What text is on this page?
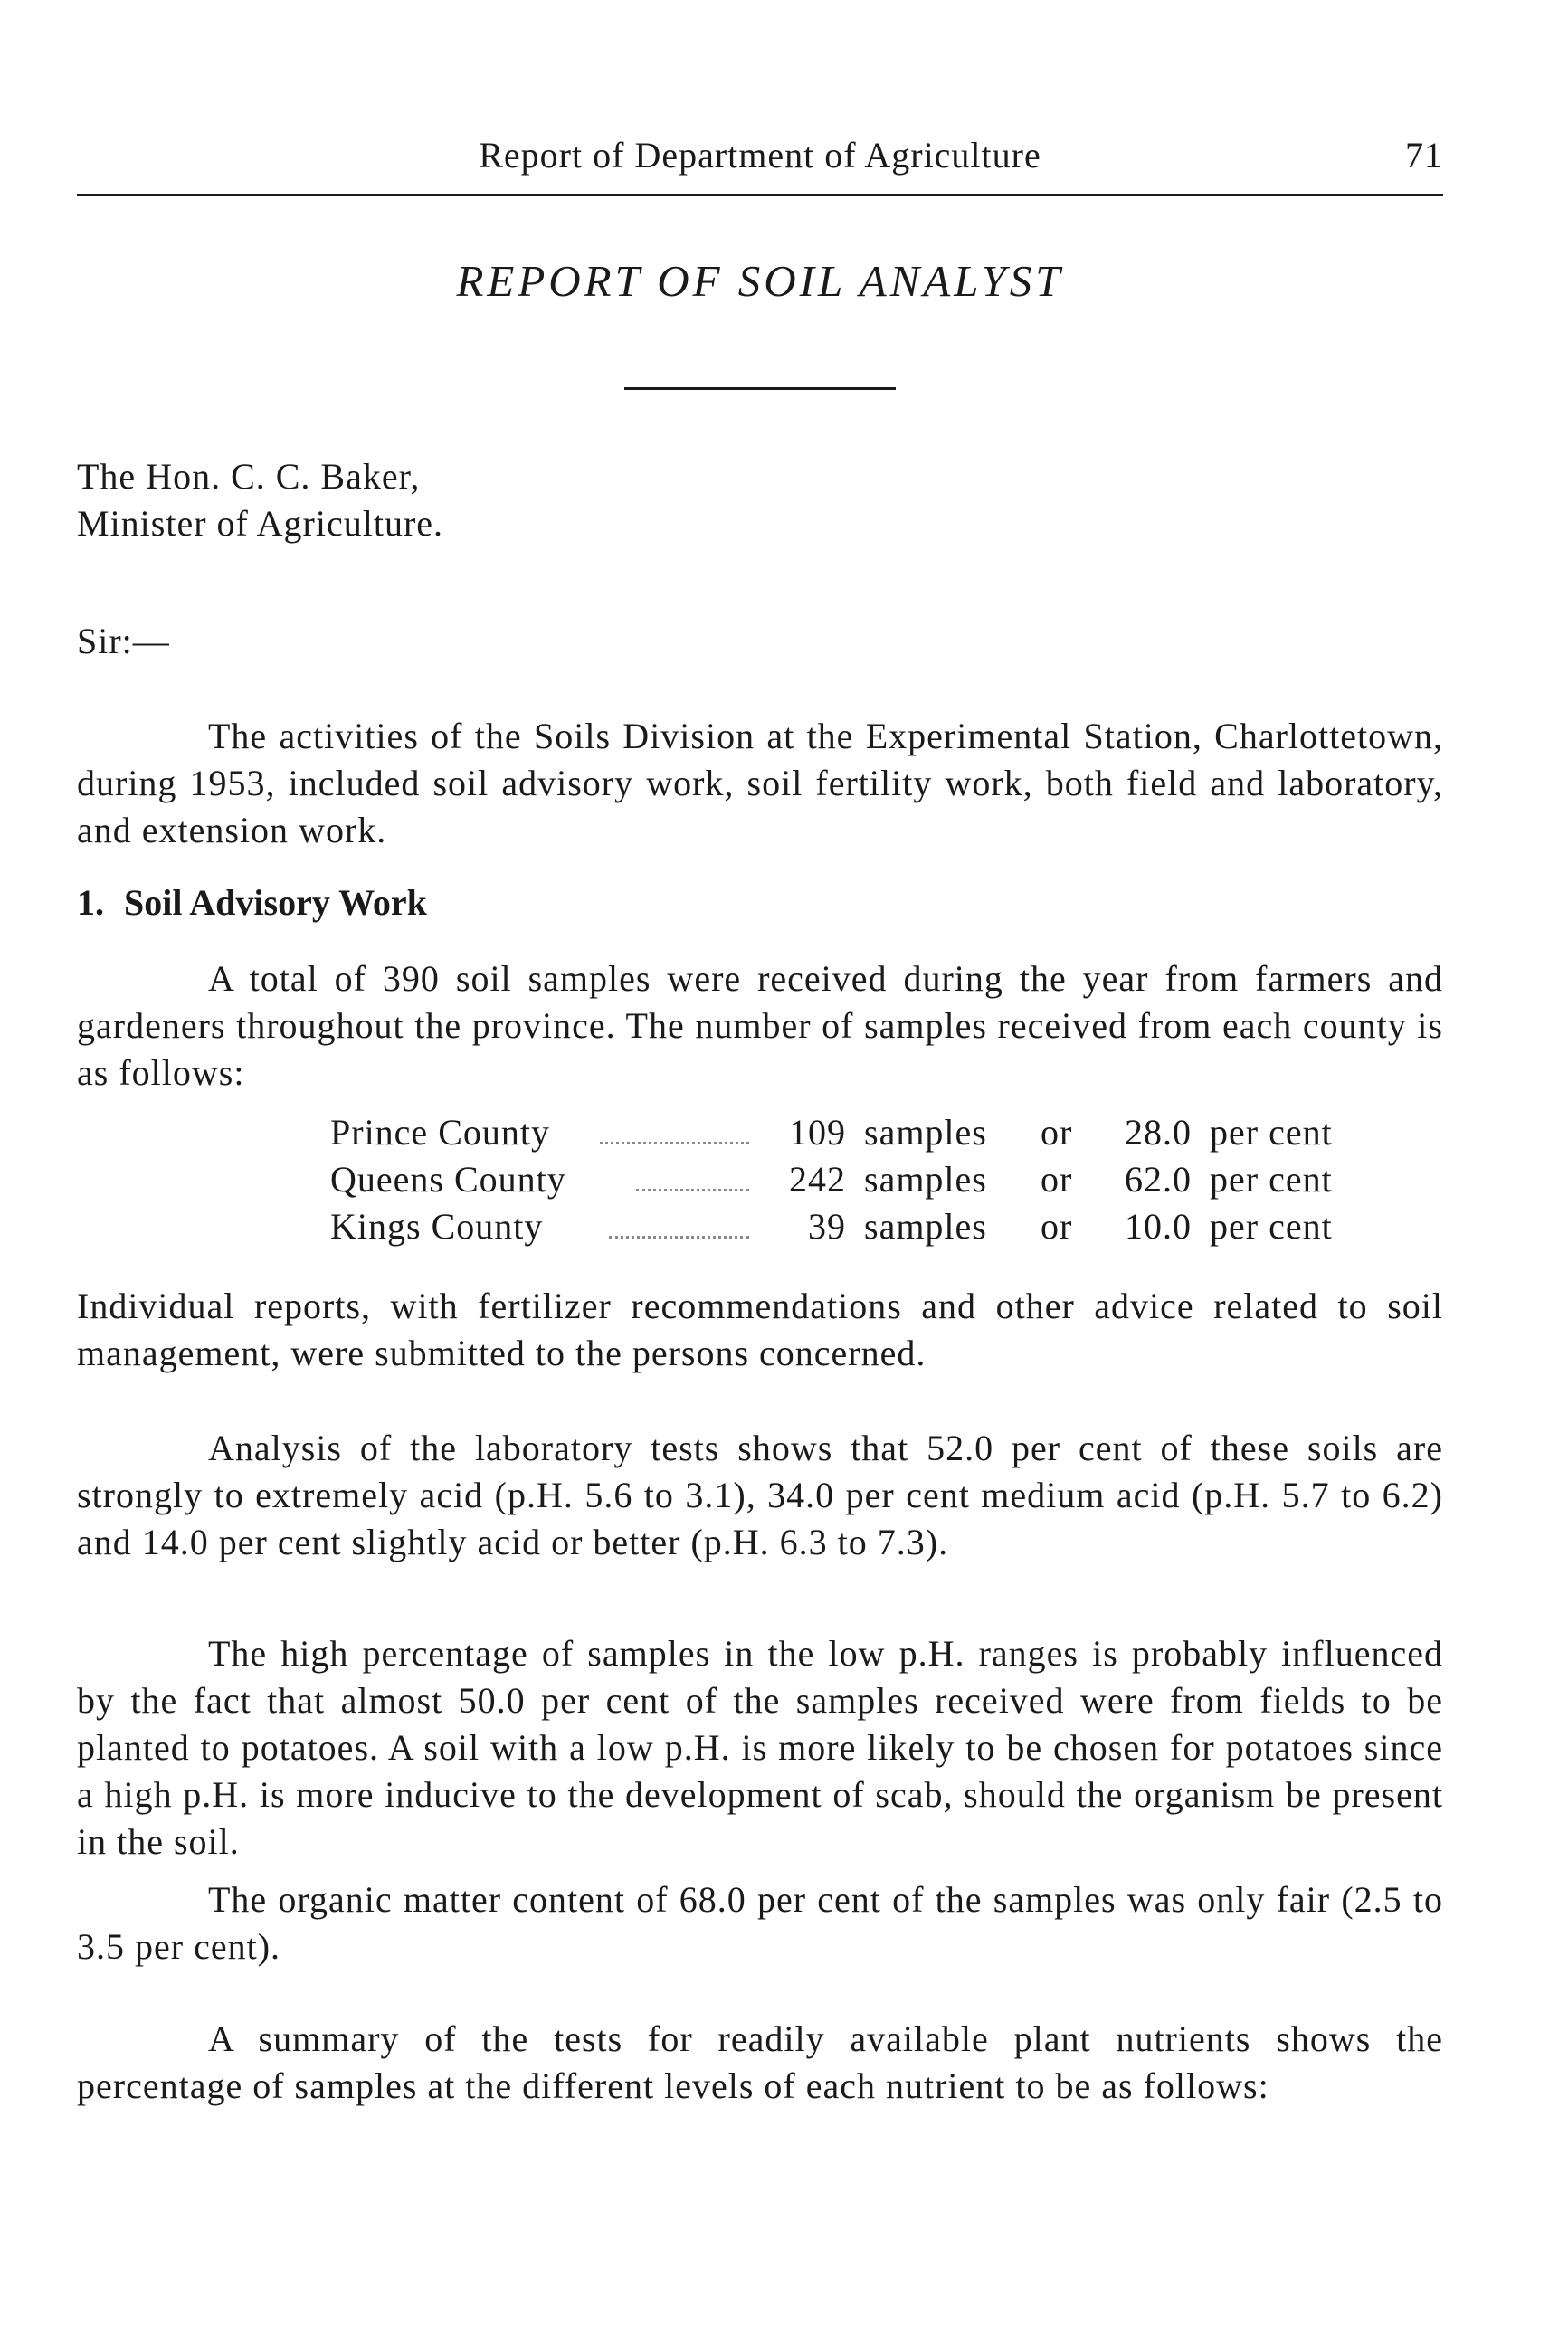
Report of Department of Agriculture	71
REPORT OF SOIL ANALYST
The Hon. C. C. Baker,
Minister of Agriculture.
Sir:—

The activities of the Soils Division at the Experimental Station, Charlottetown, during 1953, included soil advisory work, soil fertility work, both field and laboratory, and extension work.

1. Soil Advisory Work

A total of 390 soil samples were received during the year from farmers and gardeners throughout the province. The number of samples received from each county is as follows:

Prince County	109 samples or	28.0 per cent
Queens County	242 samples or	62.0 per cent
Kings County	39 samples or	10.0 per cent

Individual reports, with fertilizer recommendations and other advice related to soil management, were submitted to the persons concerned.

Analysis of the laboratory tests shows that 52.0 per cent of these soils are strongly to extremely acid (p.H. 5.6 to 3.1), 34.0 per cent medium acid (p.H. 5.7 to 6.2) and 14.0 per cent slightly acid or better (p.H. 6.3 to 7.3).

The high percentage of samples in the low p.H. ranges is probably influenced by the fact that almost 50.0 per cent of the samples received were from fields to be planted to potatoes. A soil with a low p.H. is more likely to be chosen for potatoes since a high p.H. is more inducive to the development of scab, should the organism be present in the soil.

The organic matter content of 68.0 per cent of the samples was only fair (2.5 to 3.5 per cent).

A summary of the tests for readily available plant nutrients shows the percentage of samples at the different levels of each nutrient to be as follows:
